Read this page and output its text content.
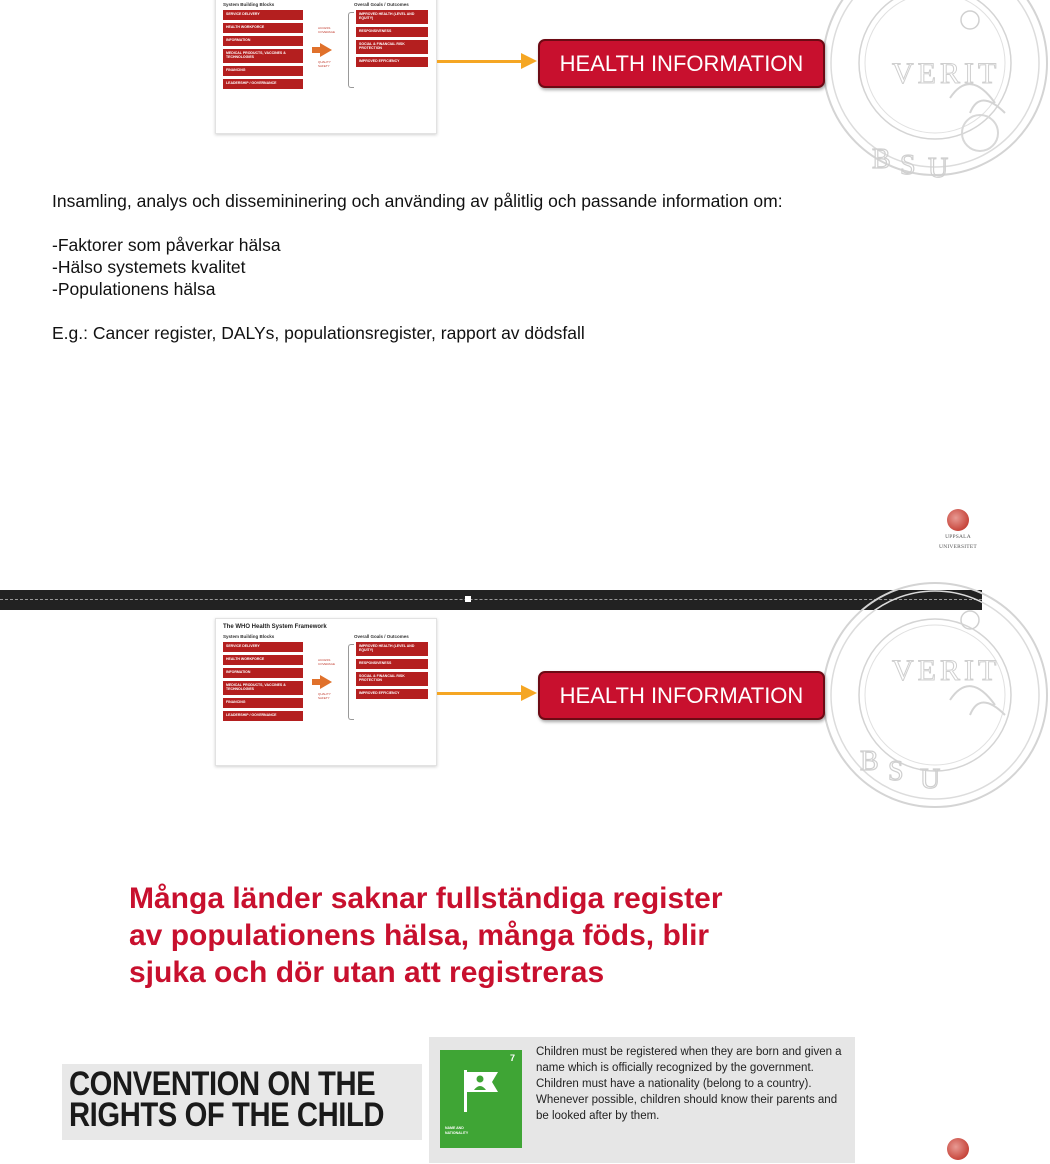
VERIT
B S U
System Building Blocks	Overall Goals / Outcomes
SERVICE DELIVERY
HEALTH WORKFORCE
INFORMATION
MEDICAL PRODUCTS, VACCINES & TECHNOLOGIES
FINANCING
LEADERSHIP / GOVERNANCE
ACCESS
COVERAGE
QUALITY
SAFETY
IMPROVED HEALTH (LEVEL AND EQUITY)
RESPONSIVENESS
SOCIAL & FINANCIAL RISK PROTECTION
IMPROVED EFFICIENCY	HEALTH INFORMATION

Insamling, analys och dissemininering och använding av pålitlig och passande information om:

-Faktorer som påverkar hälsa

-Hälso systemets kvalitet

-Populationens hälsa

E.g.: Cancer register, DALYs, populationsregister, rapport av dödsfall

UPPSALA
UNIVERSITET
VERIT
B S U
The WHO Health System Framework
System Building Blocks	Overall Goals / Outcomes
SERVICE DELIVERY
HEALTH WORKFORCE
INFORMATION
MEDICAL PRODUCTS, VACCINES & TECHNOLOGIES
FINANCING
LEADERSHIP / GOVERNANCE
ACCESS
COVERAGE
QUALITY
SAFETY
IMPROVED HEALTH (LEVEL AND EQUITY)
RESPONSIVENESS
SOCIAL & FINANCIAL RISK PROTECTION
IMPROVED EFFICIENCY	HEALTH INFORMATION
Många länder saknar fullständiga register
av populationens hälsa, många föds, blir
sjuka och dör utan att registreras
CONVENTION ON THE
RIGHTS OF THE CHILD
7
NAME AND
NATIONALITY
Children must be registered when they are born and given a name which is officially recognized by the government. Children must have a nationality (belong to a country). Whenever possible, children should know their parents and be looked after by them.
